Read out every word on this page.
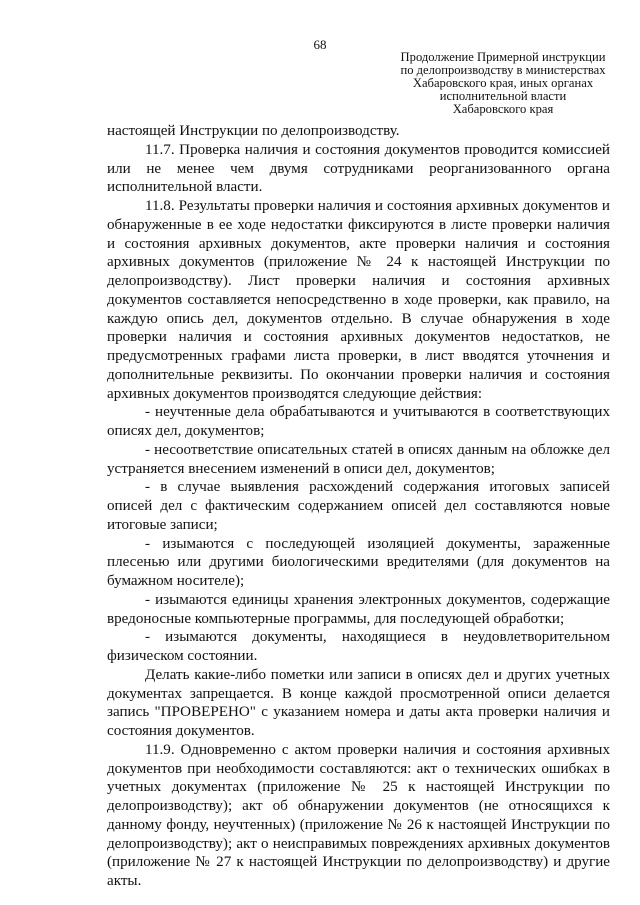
68
Продолжение Примерной инструкции
по делопроизводству в министерствах
Хабаровского края, иных органах
исполнительной власти
Хабаровского края

настоящей Инструкции по делопроизводству.

11.7. Проверка наличия и состояния документов проводится комиссией или не менее чем двумя сотрудниками реорганизованного органа исполнительной власти.

11.8. Результаты проверки наличия и состояния архивных документов и обнаруженные в ее ходе недостатки фиксируются в листе проверки наличия и состояния архивных документов, акте проверки наличия и состояния архивных документов (приложение № 24 к настоящей Инструкции по делопроизводству). Лист проверки наличия и состояния архивных документов составляется непосредственно в ходе проверки, как правило, на каждую опись дел, документов отдельно. В случае обнаружения в ходе проверки наличия и состояния архивных документов недостатков, не предусмотренных графами листа проверки, в лист вводятся уточнения и дополнительные реквизиты. По окончании проверки наличия и состояния архивных документов производятся следующие действия:

- неучтенные дела обрабатываются и учитываются в соответствующих описях дел, документов;

- несоответствие описательных статей в описях данным на обложке дел устраняется внесением изменений в описи дел, документов;

- в случае выявления расхождений содержания итоговых записей описей дел с фактическим содержанием описей дел составляются новые итоговые записи;

- изымаются с последующей изоляцией документы, зараженные плесенью или другими биологическими вредителями (для документов на бумажном носителе);

- изымаются единицы хранения электронных документов, содержащие вредоносные компьютерные программы, для последующей обработки;

- изымаются документы, находящиеся в неудовлетворительном физическом состоянии.

Делать какие-либо пометки или записи в описях дел и других учетных документах запрещается. В конце каждой просмотренной описи делается запись "ПРОВЕРЕНО" с указанием номера и даты акта проверки наличия и состояния документов.

11.9. Одновременно с актом проверки наличия и состояния архивных документов при необходимости составляются: акт о технических ошибках в учетных документах (приложение № 25 к настоящей Инструкции по делопроизводству); акт об обнаружении документов (не относящихся к данному фонду, неучтенных) (приложение № 26 к настоящей Инструкции по делопроизводству); акт о неисправимых повреждениях архивных документов (приложение № 27 к настоящей Инструкции по делопроизводству) и другие акты.
